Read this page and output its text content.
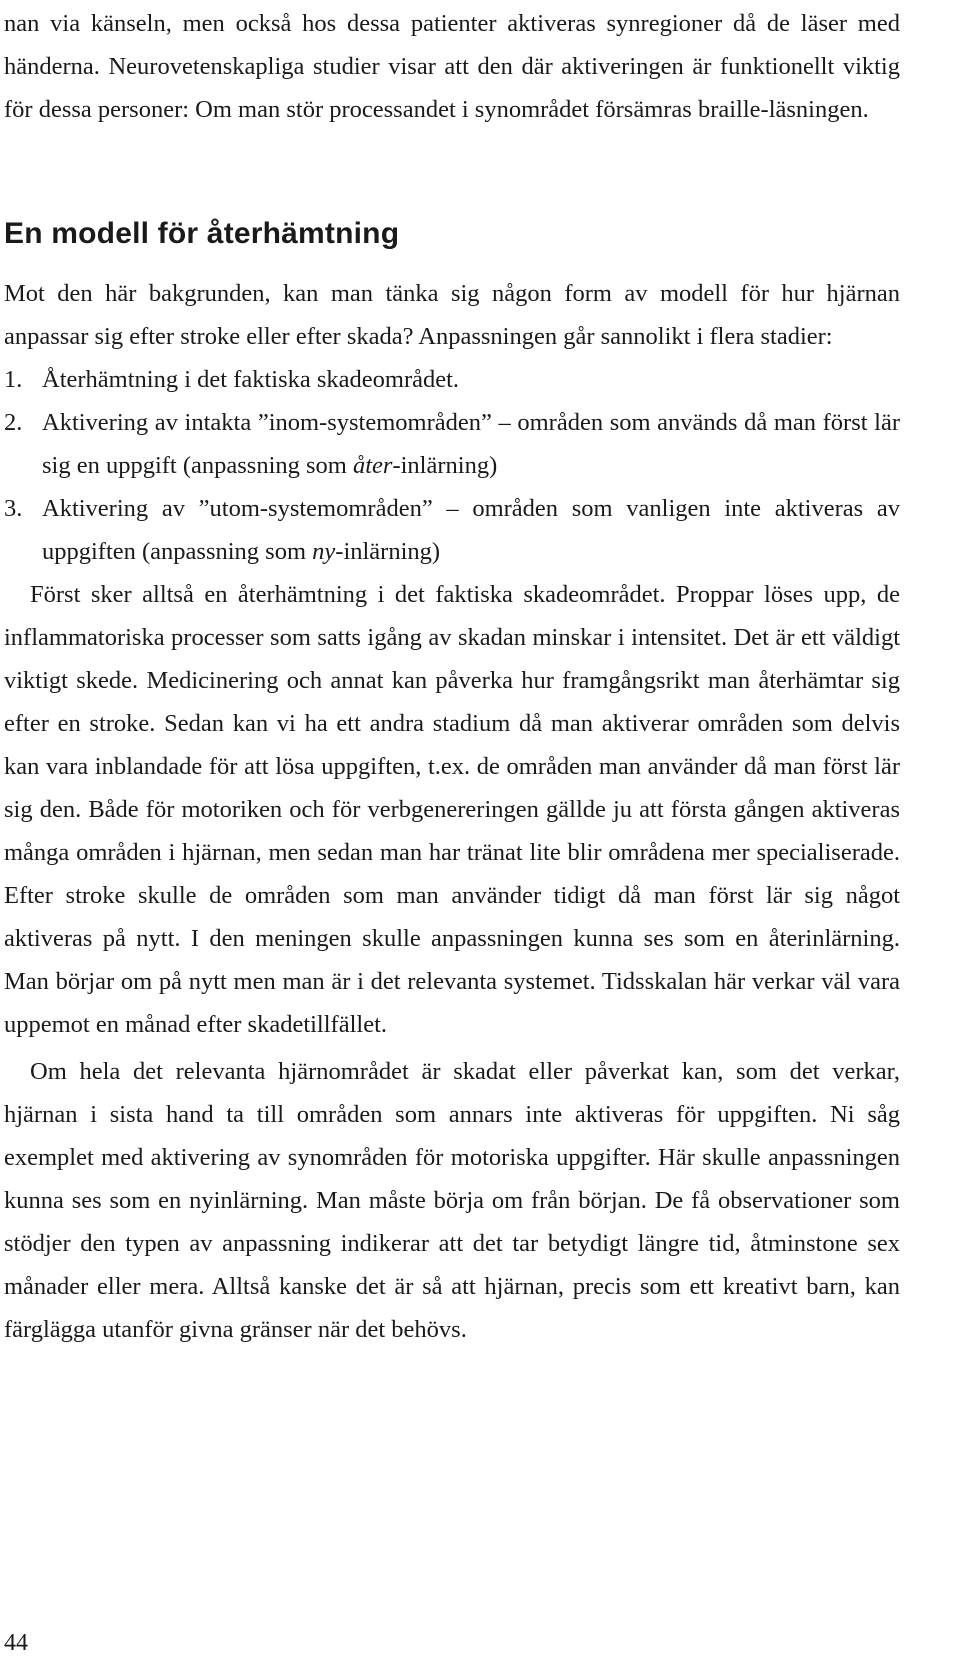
nan via känseln, men också hos dessa patienter aktiveras synregioner då de läser med händerna. Neurovetenskapliga studier visar att den där aktiveringen är funktionellt viktig för dessa personer: Om man stör processandet i synområdet försämras braille-läsningen.

En modell för återhämtning

Mot den här bakgrunden, kan man tänka sig någon form av modell för hur hjärnan anpassar sig efter stroke eller efter skada? Anpassningen går sannolikt i flera stadier:

1. Återhämtning i det faktiska skadeområdet.
2. Aktivering av intakta ”inom-systemområden” – områden som används då man först lär sig en uppgift (anpassning som åter-inlärning)
3. Aktivering av ”utom-systemområden” – områden som vanligen inte aktiveras av uppgiften (anpassning som ny-inlärning)

Först sker alltså en återhämtning i det faktiska skadeområdet. Proppar löses upp, de inflammatoriska processer som satts igång av skadan minskar i intensitet. Det är ett väldigt viktigt skede. Medicinering och annat kan påverka hur framgångsrikt man återhämtar sig efter en stroke. Sedan kan vi ha ett andra stadium då man aktiverar områden som delvis kan vara inblandade för att lösa uppgiften, t.ex. de områden man använder då man först lär sig den. Både för motoriken och för verbgenereringen gällde ju att första gången aktiveras många områden i hjärnan, men sedan man har tränat lite blir områdena mer specialiserade. Efter stroke skulle de områden som man använder tidigt då man först lär sig något aktiveras på nytt. I den meningen skulle anpassningen kunna ses som en återinlärning. Man börjar om på nytt men man är i det relevanta systemet. Tidsskalan här verkar väl vara uppemot en månad efter skadetillfället.

Om hela det relevanta hjärnområdet är skadat eller påverkat kan, som det verkar, hjärnan i sista hand ta till områden som annars inte aktiveras för uppgiften. Ni såg exemplet med aktivering av synområden för motoriska uppgifter. Här skulle anpassningen kunna ses som en nyinlärning. Man måste börja om från början. De få observationer som stödjer den typen av anpassning indikerar att det tar betydigt längre tid, åtminstone sex månader eller mera. Alltså kanske det är så att hjärnan, precis som ett kreativt barn, kan färglägga utanför givna gränser när det behövs.

44
